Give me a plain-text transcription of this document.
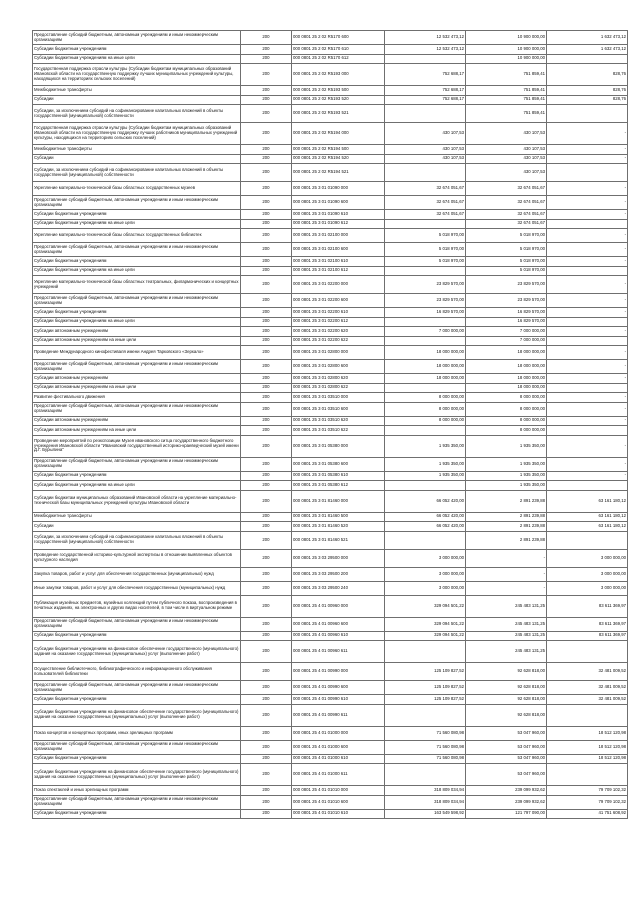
Предоставление субсидий бюджетным, автономным учреждениям и иным некоммерческим организациям	200	000 0801 25 2 02 R5170 600	12 532 473,12	10 900 000,00	1 632 473,12
Субсидии бюджетным учреждениям	200	000 0801 25 2 02 R5170 610	12 532 473,12	10 900 000,00	1 632 473,12
Субсидии бюджетным учреждениям на иные цели	200	000 0801 25 2 02 R5170 612		10 900 000,00	
Государственная поддержка отрасли культуры (Субсидии бюджетам муниципальных образований Ивановской области на государственную поддержку лучших муниципальных учреждений культуры, находящихся на территориях сельских поселений)	200	000 0801 25 2 02 R5193 000	752 688,17	751 859,41	828,76
Межбюджетные трансферты	200	000 0801 25 2 02 R5193 500	752 688,17	751 859,41	828,76
Субсидии	200	000 0801 25 2 02 R5193 520	752 688,17	751 859,41	828,76
Субсидии, за исключением субсидий на софинансирование капитальных вложений в объекты государственной (муниципальной) собственности	200	000 0801 25 2 02 R5193 521		751 859,41	
Государственная поддержка отрасли культуры (Субсидии бюджетам муниципальных образований Ивановской области на государственную поддержку лучших работников муниципальных учреждений культуры, находящихся на территориях сельских поселений)	200	000 0801 25 2 02 R5194 000	430 107,53	430 107,53	-
Межбюджетные трансферты	200	000 0801 25 2 02 R5194 500	430 107,53	430 107,53	-
Субсидии	200	000 0801 25 2 02 R5194 520	430 107,53	430 107,53	-
Субсидии, за исключением субсидий на софинансирование капитальных вложений в объекты государственной (муниципальной) собственности	200	000 0801 25 2 02 R5194 521		430 107,53	
Укрепление материально-технической базы областных государственных музеев	200	000 0801 25 3 01 01090 000	32 674 051,67	32 674 051,67	-
Предоставление субсидий бюджетным, автономным учреждениям и иным некоммерческим организациям	200	000 0801 25 3 01 01090 600	32 674 051,67	32 674 051,67	-
Субсидии бюджетным учреждениям	200	000 0801 25 3 01 01090 610	32 674 051,67	32 674 051,67	-
Субсидии бюджетным учреждениям на иные цели	200	000 0801 25 3 01 01090 612		32 674 051,67	
Укрепление материально-технической базы областных государственных библиотек	200	000 0801 25 3 01 02100 000	5 018 970,00	5 018 970,00	-
Предоставление субсидий бюджетным, автономным учреждениям и иным некоммерческим организациям	200	000 0801 25 3 01 02100 600	5 018 970,00	5 018 970,00	-
Субсидии бюджетным учреждениям	200	000 0801 25 3 01 02100 610	5 018 970,00	5 018 970,00	-
Субсидии бюджетным учреждениям на иные цели	200	000 0801 25 3 01 02100 612		5 018 970,00	
Укрепление материально-технической базы областных театральных, филармонических и концертных учреждений	200	000 0801 25 3 01 02200 000	23 829 570,00	23 829 570,00	-
Предоставление субсидий бюджетным, автономным учреждениям и иным некоммерческим организациям	200	000 0801 25 3 01 02200 600	23 829 570,00	23 829 570,00	-
Субсидии бюджетным учреждениям	200	000 0801 25 3 01 02200 610	16 829 570,00	16 829 570,00	-
Субсидии бюджетным учреждениям на иные цели	200	000 0801 25 3 01 02200 612		16 829 570,00	
Субсидии автономным учреждениям	200	000 0801 25 3 01 02200 620	7 000 000,00	7 000 000,00	-
Субсидии автономным учреждениям на иные цели	200	000 0801 25 3 01 02200 622		7 000 000,00	
Проведение Международного кинофестиваля имени Андрея Тарковского «Зеркало»	200	000 0801 25 3 01 02800 000	18 000 000,00	18 000 000,00	-
Предоставление субсидий бюджетным, автономным учреждениям и иным некоммерческим организациям	200	000 0801 25 3 01 02800 600	18 000 000,00	18 000 000,00	-
Субсидии автономным учреждениям	200	000 0801 25 3 01 02800 620	18 000 000,00	18 000 000,00	-
Субсидии автономным учреждениям на иные цели	200	000 0801 25 3 01 02800 622		18 000 000,00	
Развитие фестивального движения	200	000 0801 25 3 01 03510 000	8 000 000,00	8 000 000,00	-
Предоставление субсидий бюджетным, автономным учреждениям и иным некоммерческим организациям	200	000 0801 25 3 01 03510 600	8 000 000,00	8 000 000,00	-
Субсидии автономным учреждениям	200	000 0801 25 3 01 03510 620	8 000 000,00	8 000 000,00	-
Субсидии автономным учреждениям на иные цели	200	000 0801 25 3 01 03510 622		8 000 000,00	
Проведение мероприятий по реэкспозиции Музея ивановского ситца государственного бюджетного учреждения Ивановской области "Ивановский государственный историко-краеведческий музей имени Д.Г. Бурылина"	200	000 0801 25 3 01 05380 000	1 935 350,00	1 935 350,00	-
Предоставление субсидий бюджетным, автономным учреждениям и иным некоммерческим организациям	200	000 0801 25 3 01 05380 600	1 935 350,00	1 935 350,00	-
Субсидии бюджетным учреждениям	200	000 0801 25 3 01 05380 610	1 935 350,00	1 935 350,00	-
Субсидии бюджетным учреждениям на иные цели	200	000 0801 25 3 01 05380 612		1 935 350,00	
Субсидии бюджетам муниципальных образований Ивановской области на укрепление материально-технической базы муниципальных учреждений культуры Ивановской области	200	000 0801 25 3 01 81460 000	66 052 420,00	2 891 239,88	63 161 180,12
Межбюджетные трансферты	200	000 0801 25 3 01 81460 500	66 052 420,00	2 891 239,88	63 161 180,12
Субсидии	200	000 0801 25 3 01 81460 520	66 052 420,00	2 891 239,88	63 161 180,12
Субсидии, за исключением субсидий на софинансирование капитальных вложений в объекты государственной (муниципальной) собственности	200	000 0801 25 3 01 81460 521		2 891 239,88	
Проведение государственной историко-культурной экспертизы в отношении выявленных объектов культурного наследия	200	000 0801 25 3 03 29500 000	3 000 000,00	-	3 000 000,00
Закупка товаров, работ и услуг для обеспечения государственных (муниципальных) нужд	200	000 0801 25 3 03 29500 200	3 000 000,00	-	3 000 000,00
Иные закупки товаров, работ и услуг для обеспечения государственных (муниципальных) нужд	200	000 0801 25 3 03 29500 240	3 000 000,00	-	3 000 000,00
Публикация музейных предметов, музейных коллекций путем публичного показа, воспроизведения в печатных изданиях, на электронных и других видах носителей, в том числе в виртуальном режиме	200	000 0801 25 4 01 00960 000	329 094 501,22	245 483 131,25	83 611 369,97
Предоставление субсидий бюджетным, автономным учреждениям и иным некоммерческим организациям	200	000 0801 25 4 01 00960 600	329 094 501,22	245 483 131,25	83 611 369,97
Субсидии бюджетным учреждениям	200	000 0801 25 4 01 00960 610	329 094 501,22	245 483 131,25	83 611 369,97
Субсидии бюджетным учреждениям на финансовое обеспечение государственного (муниципального) задания на оказание государственных (муниципальных) услуг (выполнение работ)	200	000 0801 25 4 01 00960 611		245 483 131,25	
Осуществление библиотечного, библиографического и информационного обслуживания пользователей библиотеки	200	000 0801 25 4 01 00990 000	125 109 827,52	92 628 818,00	32 481 009,52
Предоставление субсидий бюджетным, автономным учреждениям и иным некоммерческим организациям	200	000 0801 25 4 01 00990 600	125 109 827,52	92 628 818,00	32 481 009,52
Субсидии бюджетным учреждениям	200	000 0801 25 4 01 00990 610	125 109 827,52	92 628 818,00	32 481 009,52
Субсидии бюджетным учреждениям на финансовое обеспечение государственного (муниципального) задания на оказание государственных (муниципальных) услуг (выполнение работ)	200	000 0801 25 4 01 00990 611		92 628 818,00	
Показ концертов и концертных программ, иных зрелищных программ	200	000 0801 25 4 01 01000 000	71 560 080,98	53 047 960,00	18 512 120,98
Предоставление субсидий бюджетным, автономным учреждениям и иным некоммерческим организациям	200	000 0801 25 4 01 01000 600	71 560 080,98	53 047 960,00	18 512 120,98
Субсидии бюджетным учреждениям	200	000 0801 25 4 01 01000 610	71 560 080,98	53 047 960,00	18 512 120,98
Субсидии бюджетным учреждениям на финансовое обеспечение государственного (муниципального) задания на оказание государственных (муниципальных) услуг (выполнение работ)	200	000 0801 25 4 01 01000 611		53 047 960,00	
Показ спектаклей и иных зрелищных программ	200	000 0801 25 4 01 01010 000	318 809 034,94	239 099 932,62	79 709 102,32
Предоставление субсидий бюджетным, автономным учреждениям и иным некоммерческим организациям	200	000 0801 25 4 01 01010 600	318 809 034,94	239 099 932,62	79 709 102,32
Субсидии бюджетным учреждениям	200	000 0801 25 4 01 01010 610	163 549 598,92	121 797 090,00	41 751 608,92
